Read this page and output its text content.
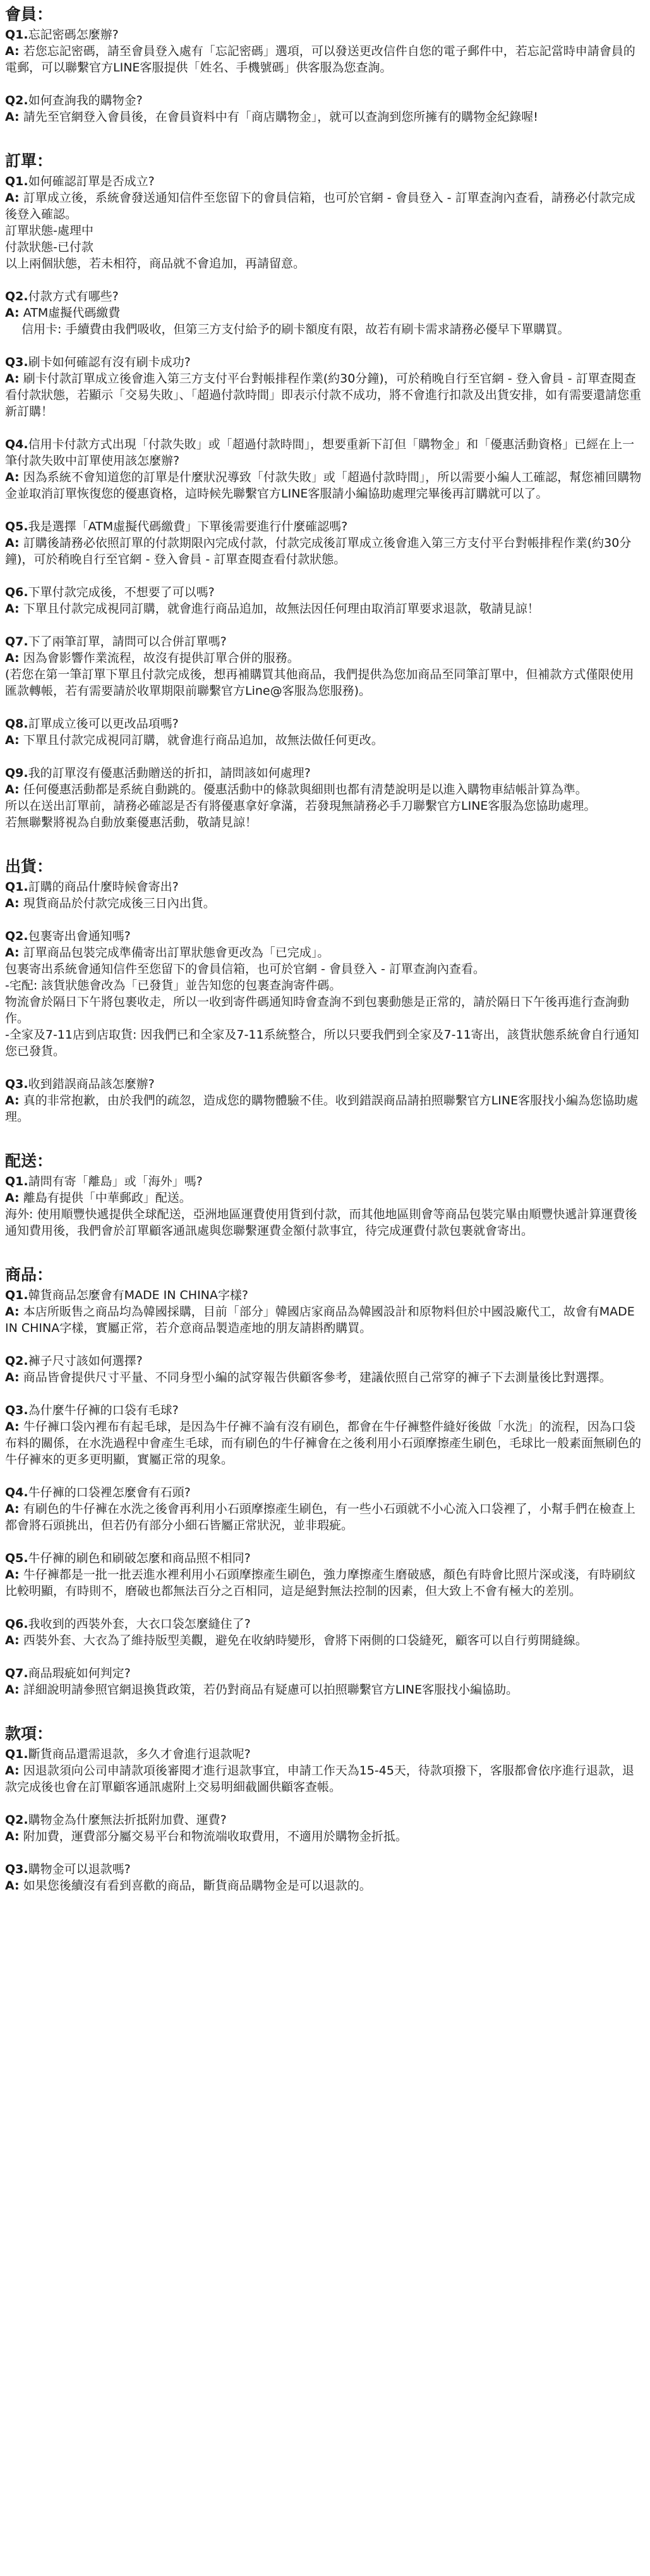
會員：
Q1.忘記密碼怎麼辦?
A: 若您忘記密碼，請至會員登入處有「忘記密碼」選項，可以發送更改信件自您的電子郵件中，若忘記當時申請會員的電郵，可以聯繫官方LINE客服提供「姓名、手機號碼」供客服為您查詢。
Q2.如何查詢我的購物金?
A: 請先至官網登入會員後，在會員資料中有「商店購物金」，就可以查詢到您所擁有的購物金紀錄喔!
訂單：
Q1.如何確認訂單是否成立?
A: 訂單成立後，系統會發送通知信件至您留下的會員信箱，也可於官網 - 會員登入 - 訂單查詢內查看，請務必付款完成後登入確認。
訂單狀態-處理中
付款狀態-已付款
以上兩個狀態，若未相符，商品就不會追加，再請留意。
Q2.付款方式有哪些?
A: ATM虛擬代碼繳費
信用卡: 手續費由我們吸收，但第三方支付給予的刷卡額度有限，故若有刷卡需求請務必優早下單購買。
Q3.刷卡如何確認有沒有刷卡成功?
A: 刷卡付款訂單成立後會進入第三方支付平台對帳排程作業(約30分鐘)，可於稍晚自行至官網 - 登入會員 - 訂單查閱查看付款狀態，若顯示「交易失敗」、「超過付款時間」即表示付款不成功，將不會進行扣款及出貨安排，如有需要還請您重新訂購！
Q4.信用卡付款方式出現「付款失敗」或「超過付款時間」，想要重新下訂但「購物金」和「優惠活動資格」已經在上一筆付款失敗中訂單使用該怎麼辦?
A: 因為系統不會知道您的訂單是什麼狀況導致「付款失敗」或「超過付款時間」，所以需要小編人工確認，幫您補回購物金並取消訂單恢復您的優惠資格，這時候先聯繫官方LINE客服請小編協助處理完畢後再訂購就可以了。
Q5.我是選擇「ATM虛擬代碼繳費」下單後需要進行什麼確認嗎?
A: 訂購後請務必依照訂單的付款期限內完成付款，付款完成後訂單成立後會進入第三方支付平台對帳排程作業(約30分鐘)，可於稍晚自行至官網 - 登入會員 - 訂單查閱查看付款狀態。
Q6.下單付款完成後，不想要了可以嗎?
A: 下單且付款完成視同訂購，就會進行商品追加，故無法因任何理由取消訂單要求退款，敬請見諒！
Q7.下了兩筆訂單，請問可以合併訂單嗎?
A: 因為會影響作業流程，故沒有提供訂單合併的服務。
(若您在第一筆訂單下單且付款完成後，想再補購買其他商品，我們提供為您加商品至同筆訂單中，但補款方式僅限使用匯款轉帳，若有需要請於收單期限前聯繫官方Line@客服為您服務)。
Q8.訂單成立後可以更改品項嗎?
A: 下單且付款完成視同訂購，就會進行商品追加，故無法做任何更改。
Q9.我的訂單沒有優惠活動贈送的折扣，請問該如何處理?
A: 任何優惠活動都是系統自動跳的。優惠活動中的條款與細則也都有清楚說明是以進入購物車結帳計算為準。
所以在送出訂單前，請務必確認是否有將優惠拿好拿滿，若發現無請務必手刀聯繫官方LINE客服為您協助處理。
若無聯繫將視為自動放棄優惠活動，敬請見諒！
出貨：
Q1.訂購的商品什麼時候會寄出?
A: 現貨商品於付款完成後三日內出貨。
Q2.包裹寄出會通知嗎?
A: 訂單商品包裝完成準備寄出訂單狀態會更改為「已完成」。
包裹寄出系統會通知信件至您留下的會員信箱，也可於官網 - 會員登入 - 訂單查詢內查看。
-宅配: 該貨狀態會改為「已發貨」並告知您的包裹查詢寄件碼。
物流會於隔日下午將包裹收走，所以一收到寄件碼通知時會查詢不到包裹動態是正常的，請於隔日下午後再進行查詢動作。
-全家及7-11店到店取貨: 因我們已和全家及7-11系統整合，所以只要我們到全家及7-11寄出，該貨狀態系統會自行通知您已發貨。
Q3.收到錯誤商品該怎麼辦?
A: 真的非常抱歉，由於我們的疏忽，造成您的購物體驗不佳。收到錯誤商品請拍照聯繫官方LINE客服找小編為您協助處理。
配送：
Q1.請問有寄「離島」或「海外」嗎?
A: 離島有提供「中華郵政」配送。
海外: 使用順豐快遞提供全球配送，亞洲地區運費使用貨到付款，而其他地區則會等商品包裝完畢由順豐快遞計算運費後通知費用後，我們會於訂單顧客通訊處與您聯繫運費金額付款事宜，待完成運費付款包裹就會寄出。
商品：
Q1.韓貨商品怎麼會有MADE IN CHINA字樣?
A: 本店所販售之商品均為韓國採購，目前「部分」韓國店家商品為韓國設計和原物料但於中國設廠代工，故會有MADE IN CHINA字樣，實屬正常，若介意商品製造產地的朋友請斟酌購買。
Q2.褲子尺寸該如何選擇?
A: 商品皆會提供尺寸平量、不同身型小編的試穿報告供顧客參考，建議依照自己常穿的褲子下去測量後比對選擇。
Q3.為什麼牛仔褲的口袋有毛球?
A: 牛仔褲口袋內裡布有起毛球，是因為牛仔褲不論有沒有刷色，都會在牛仔褲整件縫好後做「水洗」的流程，因為口袋布料的關係，在水洗過程中會產生毛球，而有刷色的牛仔褲會在之後利用小石頭摩擦產生刷色，毛球比一般素面無刷色的牛仔褲來的更多更明顯，實屬正常的現象。
Q4.牛仔褲的口袋裡怎麼會有石頭?
A: 有刷色的牛仔褲在水洗之後會再利用小石頭摩擦產生刷色，有一些小石頭就不小心流入口袋裡了，小幫手們在檢查上都會將石頭挑出，但若仍有部分小細石皆屬正常狀況，並非瑕疵。
Q5.牛仔褲的刷色和刷破怎麼和商品照不相同?
A: 牛仔褲都是一批一批丟進水裡利用小石頭摩擦產生刷色，強力摩擦產生磨破感，顏色有時會比照片深或淺，有時刷紋比較明顯，有時則不，磨破也都無法百分之百相同，這是絕對無法控制的因素，但大致上不會有極大的差別。
Q6.我收到的西裝外套，大衣口袋怎麼縫住了?
A: 西裝外套、大衣為了維持版型美觀，避免在收納時變形，會將下兩側的口袋縫死，顧客可以自行剪開縫線。
Q7.商品瑕疵如何判定?
A: 詳細說明請參照官網退換貨政策，若仍對商品有疑慮可以拍照聯繫官方LINE客服找小編協助。
款項：
Q1.斷貨商品還需退款，多久才會進行退款呢?
A: 因退款須向公司申請款項後審閱才進行退款事宜，申請工作天為15-45天，待款項撥下，客服都會依序進行退款，退款完成後也會在訂單顧客通訊處附上交易明細截圖供顧客查帳。
Q2.購物金為什麼無法折抵附加費、運費?
A: 附加費，運費部分屬交易平台和物流端收取費用，不適用於購物金折抵。
Q3.購物金可以退款嗎?
A: 如果您後續沒有看到喜歡的商品，斷貨商品購物金是可以退款的。
